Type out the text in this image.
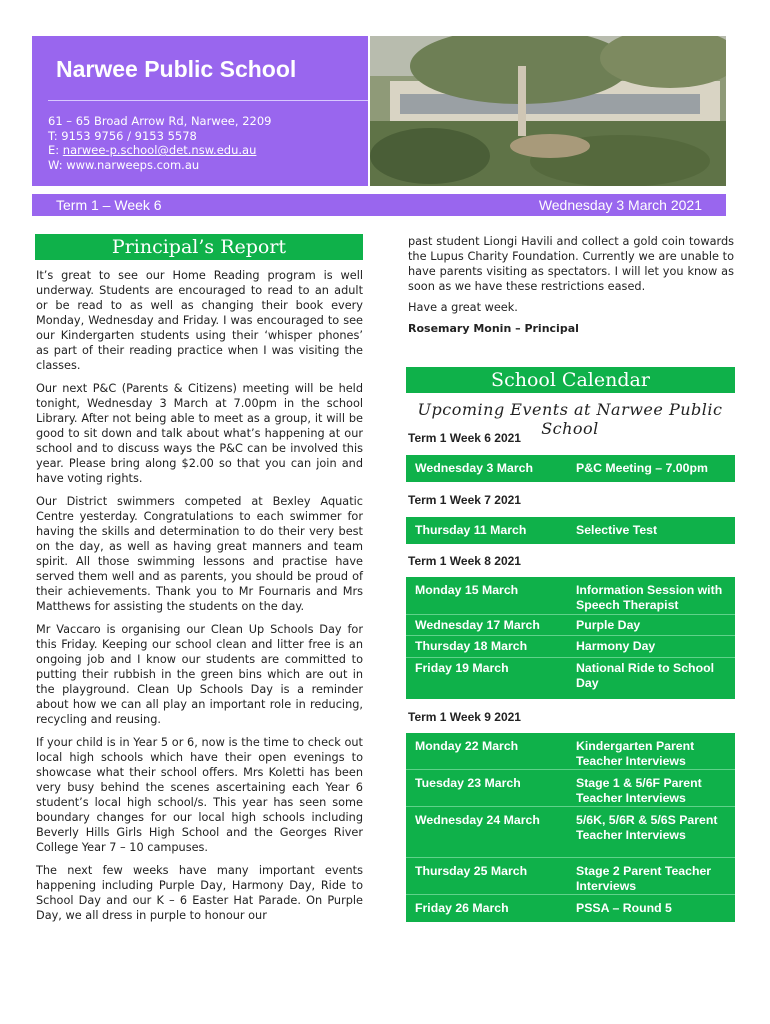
Narwee Public School
61 – 65 Broad Arrow Rd, Narwee, 2209
T: 9153 9756 / 9153 5578
E: narwee-p.school@det.nsw.edu.au
W: www.narweeps.com.au
Term 1 – Week 6	Wednesday 3 March 2021
Principal’s Report

It’s great to see our Home Reading program is well underway. Students are encouraged to read to an adult or be read to as well as changing their book every Monday, Wednesday and Friday. I was encouraged to see our Kindergarten students using their ‘whisper phones’ as part of their reading practice when I was visiting the classes.

Our next P&C (Parents & Citizens) meeting will be held tonight, Wednesday 3 March at 7.00pm in the school Library. After not being able to meet as a group, it will be good to sit down and talk about what’s happening at our school and to discuss ways the P&C can be involved this year. Please bring along $2.00 so that you can join and have voting rights.

Our District swimmers competed at Bexley Aquatic Centre yesterday. Congratulations to each swimmer for having the skills and determination to do their very best on the day, as well as having great manners and team spirit. All those swimming lessons and practise have served them well and as parents, you should be proud of their achievements. Thank you to Mr Fournaris and Mrs Matthews for assisting the students on the day.

Mr Vaccaro is organising our Clean Up Schools Day for this Friday. Keeping our school clean and litter free is an ongoing job and I know our students are committed to putting their rubbish in the green bins which are out in the playground. Clean Up Schools Day is a reminder about how we can all play an important role in reducing, recycling and reusing.

If your child is in Year 5 or 6, now is the time to check out local high schools which have their open evenings to showcase what their school offers. Mrs Koletti has been very busy behind the scenes ascertaining each Year 6 student’s local high school/s. This year has seen some boundary changes for our local high schools including Beverly Hills Girls High School and the Georges River College Year 7 – 10 campuses.

The next few weeks have many important events happening including Purple Day, Harmony Day, Ride to School Day and our K – 6 Easter Hat Parade. On Purple Day, we all dress in purple to honour our

past student Liongi Havili and collect a gold coin towards the Lupus Charity Foundation. Currently we are unable to have parents visiting as spectators. I will let you know as soon as we have these restrictions eased.

Have a great week.

Rosemary Monin – Principal

School Calendar
Upcoming Events at Narwee Public School
Term 1 Week 6 2021
Wednesday 3 March	P&C Meeting – 7.00pm
Term 1 Week 7 2021
Thursday 11 March	Selective Test
Term 1 Week 8 2021
Monday 15 March	Information Session with Speech Therapist
Wednesday 17 March	Purple Day
Thursday 18 March	Harmony Day
Friday 19 March	National Ride to School Day
Term 1 Week 9 2021
Monday 22 March	Kindergarten Parent Teacher Interviews
Tuesday 23 March	Stage 1 & 5/6F Parent Teacher Interviews
Wednesday 24 March	5/6K, 5/6R & 5/6S Parent Teacher Interviews
Thursday 25 March	Stage 2 Parent Teacher Interviews
Friday 26 March	PSSA – Round 5
